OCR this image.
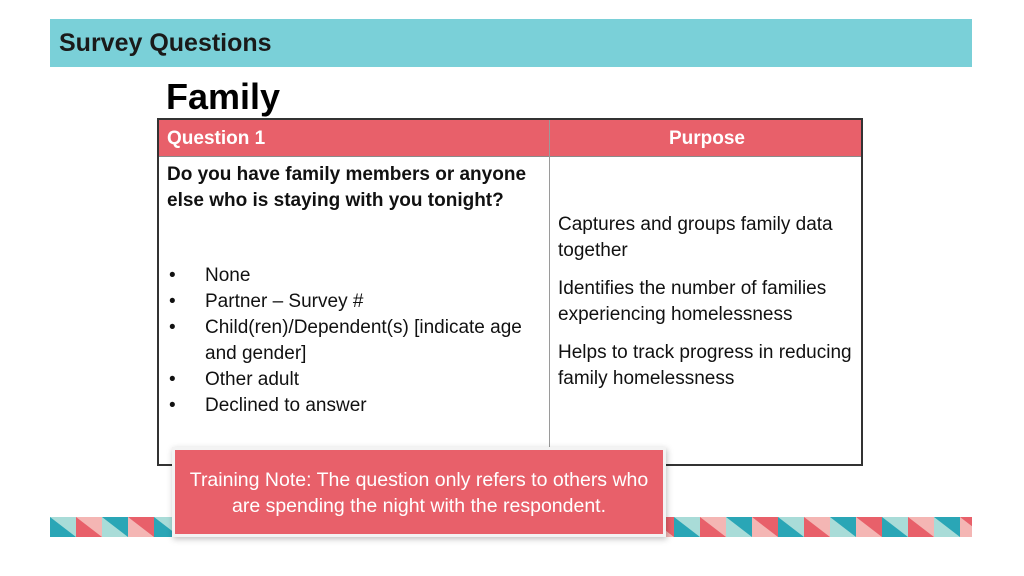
Survey Questions
Family
Question 1	Purpose
Do you have family members or anyone else who is staying with you tonight?
• None
• Partner – Survey #
• Child(ren)/Dependent(s) [indicate age and gender]
• Other adult
• Declined to answer

Captures and groups family data together

Identifies the number of families experiencing homelessness

Helps to track progress in reducing family homelessness

Training Note: The question only refers to others who are spending the night with the respondent.
